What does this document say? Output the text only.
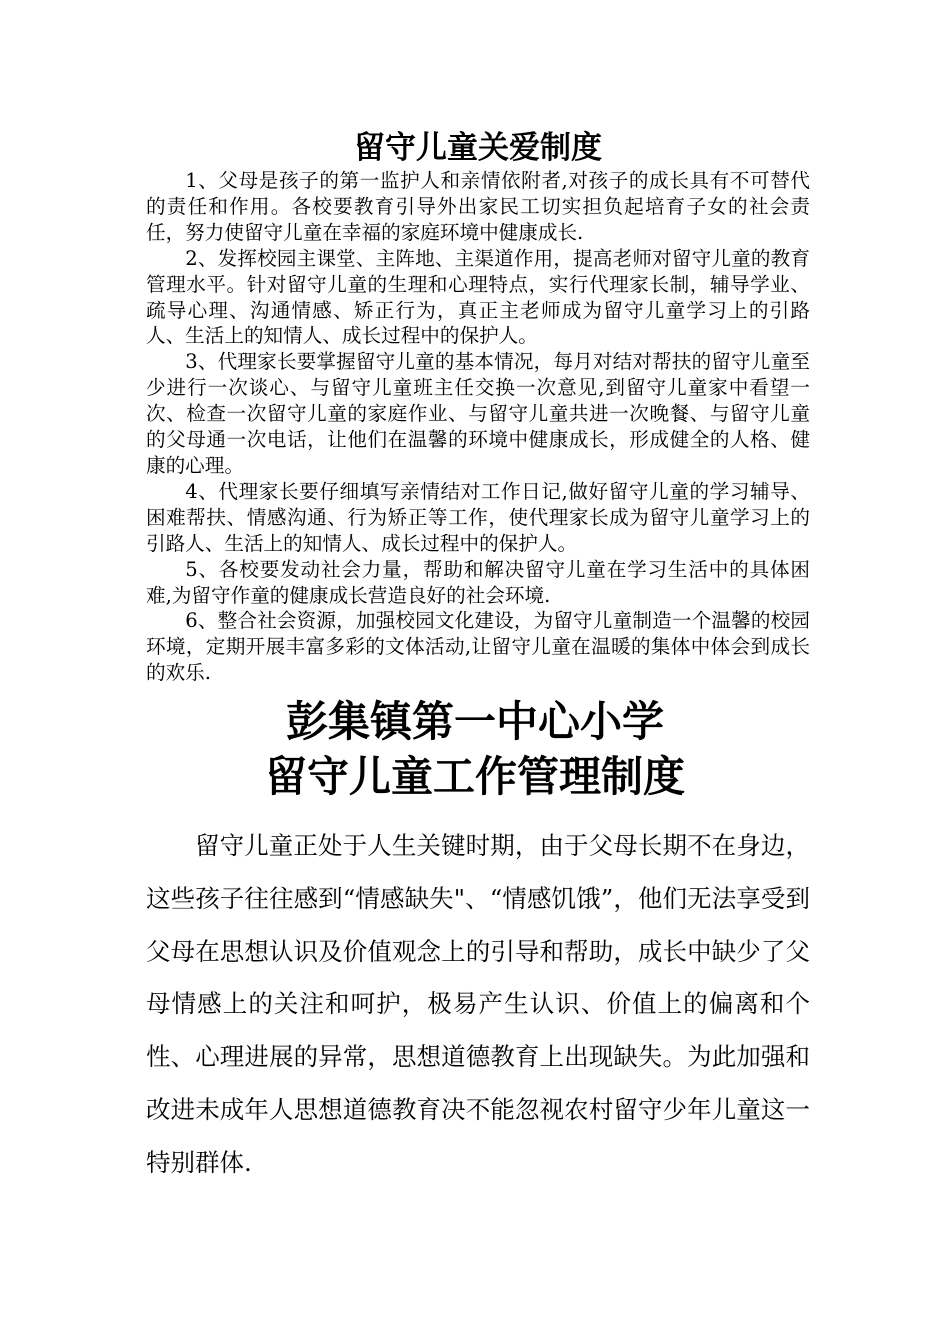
留守儿童关爱制度

1、父母是孩子的第一监护人和亲情依附者,对孩子的成长具有不可替代的责任和作用。各校要教育引导外出家民工切实担负起培育子女的社会责任，努力使留守儿童在幸福的家庭环境中健康成长.

2、发挥校园主课堂、主阵地、主渠道作用，提高老师对留守儿童的教育管理水平。针对留守儿童的生理和心理特点，实行代理家长制，辅导学业、疏导心理、沟通情感、矫正行为，真正主老师成为留守儿童学习上的引路人、生活上的知情人、成长过程中的保护人。

3、代理家长要掌握留守儿童的基本情况，每月对结对帮扶的留守儿童至少进行一次谈心、与留守儿童班主任交换一次意见,到留守儿童家中看望一次、检查一次留守儿童的家庭作业、与留守儿童共进一次晚餐、与留守儿童的父母通一次电话，让他们在温馨的环境中健康成长，形成健全的人格、健康的心理。

4、代理家长要仔细填写亲情结对工作日记,做好留守儿童的学习辅导、困难帮扶、情感沟通、行为矫正等工作，使代理家长成为留守儿童学习上的引路人、生活上的知情人、成长过程中的保护人。

5、各校要发动社会力量，帮助和解决留守儿童在学习生活中的具体困难,为留守作童的健康成长营造良好的社会环境.

6、整合社会资源，加强校园文化建设，为留守儿童制造一个温馨的校园环境，定期开展丰富多彩的文体活动,让留守儿童在温暖的集体中体会到成长的欢乐.

彭集镇第一中心小学
留守儿童工作管理制度

留守儿童正处于人生关键时期，由于父母长期不在身边，这些孩子往往感到“情感缺失"、“情感饥饿”，他们无法享受到父母在思想认识及价值观念上的引导和帮助，成长中缺少了父母情感上的关注和呵护，极易产生认识、价值上的偏离和个性、心理进展的异常，思想道德教育上出现缺失。为此加强和改进未成年人思想道德教育决不能忽视农村留守少年儿童这一特别群体.
